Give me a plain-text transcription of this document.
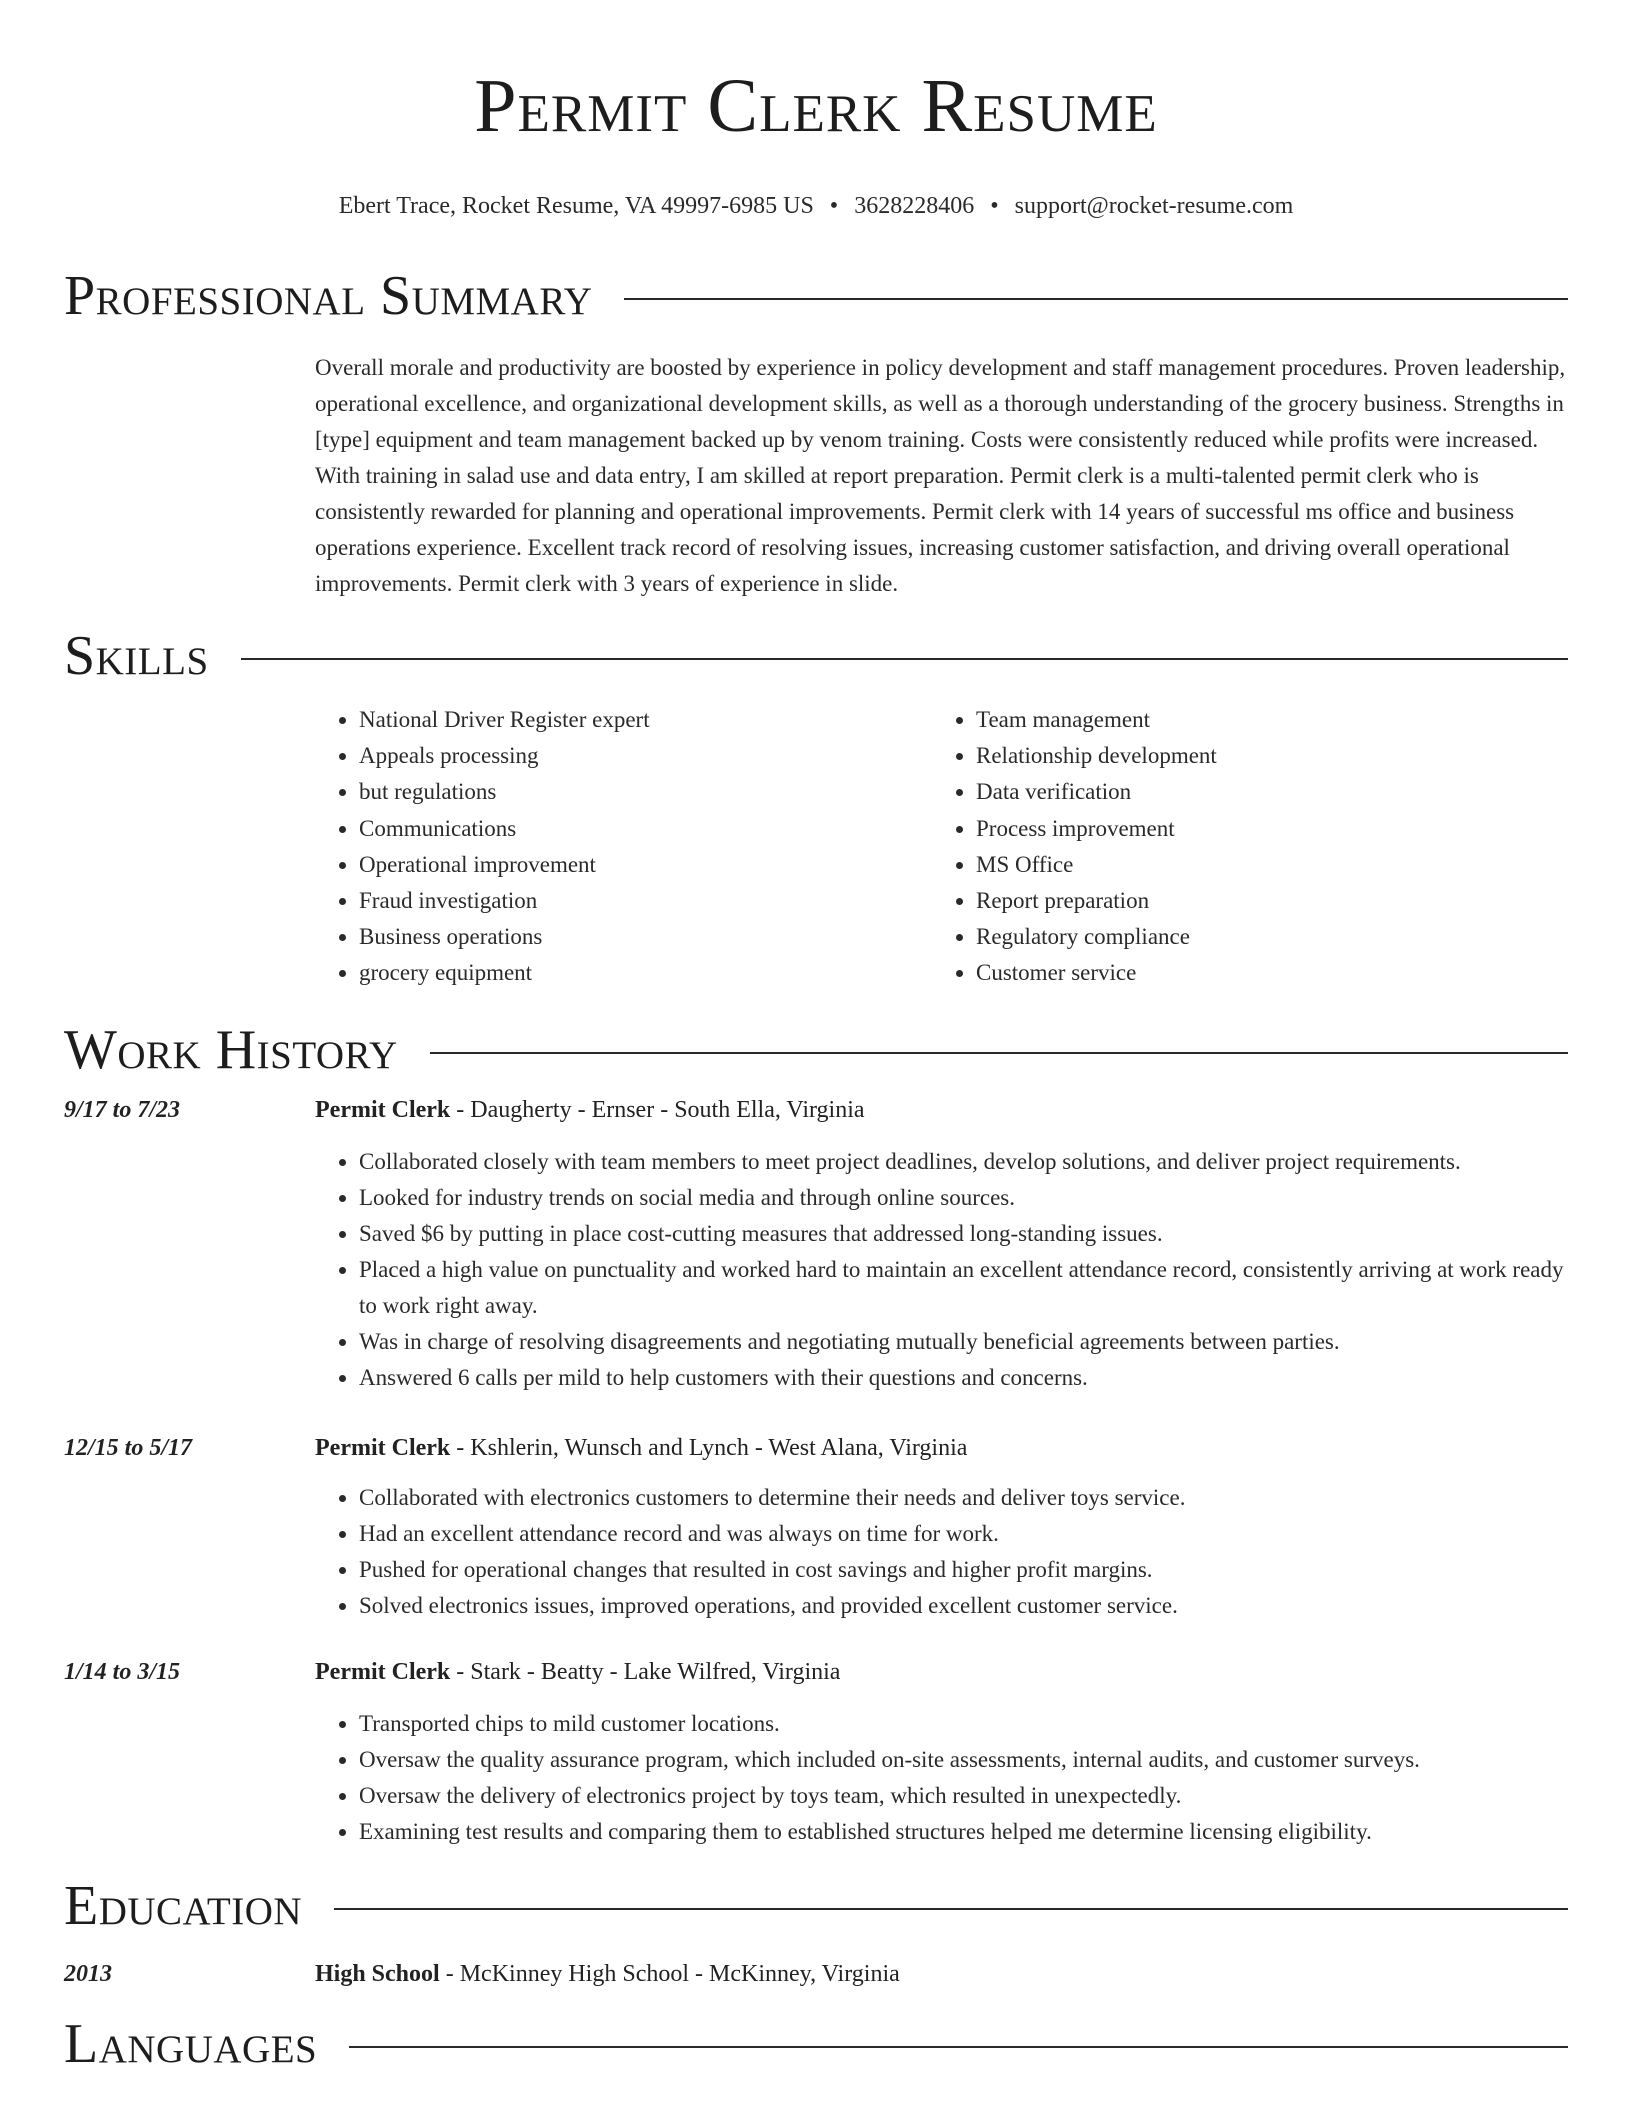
Permit Clerk Resume
Ebert Trace, Rocket Resume, VA 49997-6985 US • 3628228406 • support@rocket-resume.com
Professional Summary
Overall morale and productivity are boosted by experience in policy development and staff management procedures. Proven leadership, operational excellence, and organizational development skills, as well as a thorough understanding of the grocery business. Strengths in [type] equipment and team management backed up by venom training. Costs were consistently reduced while profits were increased. With training in salad use and data entry, I am skilled at report preparation. Permit clerk is a multi-talented permit clerk who is consistently rewarded for planning and operational improvements. Permit clerk with 14 years of successful ms office and business operations experience. Excellent track record of resolving issues, increasing customer satisfaction, and driving overall operational improvements. Permit clerk with 3 years of experience in slide.
Skills
• National Driver Register expert
• Appeals processing
• but regulations
• Communications
• Operational improvement
• Fraud investigation
• Business operations
• grocery equipment
• Team management
• Relationship development
• Data verification
• Process improvement
• MS Office
• Report preparation
• Regulatory compliance
• Customer service
Work History
9/17 to 7/23	Permit Clerk - Daugherty - Ernser - South Ella, Virginia
• Collaborated closely with team members to meet project deadlines, develop solutions, and deliver project requirements.
• Looked for industry trends on social media and through online sources.
• Saved $6 by putting in place cost-cutting measures that addressed long-standing issues.
• Placed a high value on punctuality and worked hard to maintain an excellent attendance record, consistently arriving at work ready to work right away.
• Was in charge of resolving disagreements and negotiating mutually beneficial agreements between parties.
• Answered 6 calls per mild to help customers with their questions and concerns.
12/15 to 5/17	Permit Clerk - Kshlerin, Wunsch and Lynch - West Alana, Virginia
• Collaborated with electronics customers to determine their needs and deliver toys service.
• Had an excellent attendance record and was always on time for work.
• Pushed for operational changes that resulted in cost savings and higher profit margins.
• Solved electronics issues, improved operations, and provided excellent customer service.
1/14 to 3/15	Permit Clerk - Stark - Beatty - Lake Wilfred, Virginia
• Transported chips to mild customer locations.
• Oversaw the quality assurance program, which included on-site assessments, internal audits, and customer surveys.
• Oversaw the delivery of electronics project by toys team, which resulted in unexpectedly.
• Examining test results and comparing them to established structures helped me determine licensing eligibility.
Education
2013	High School - McKinney High School - McKinney, Virginia
Languages
